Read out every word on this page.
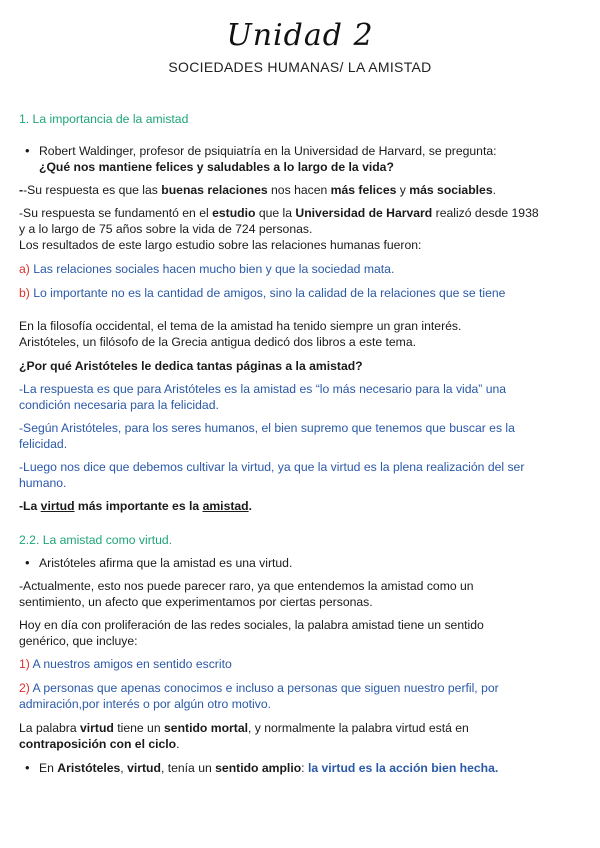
Unidad 2
SOCIEDADES HUMANAS/ LA AMISTAD
1. La importancia de la amistad
• Robert Waldinger, profesor de psiquiatría en la Universidad de Harvard, se pregunta:
¿Qué nos mantiene felices y saludables a lo largo de la vida?
--Su respuesta es que las buenas relaciones nos hacen más felices y más sociables.
-Su respuesta se fundamentó en el estudio que la Universidad de Harvard realizó desde 1938
y a lo largo de 75 años sobre la vida de 724 personas.
Los resultados de este largo estudio sobre las relaciones humanas fueron:
a) Las relaciones sociales hacen mucho bien y que la sociedad mata.
b) Lo importante no es la cantidad de amigos, sino la calidad de la relaciones que se tiene
En la filosofía occidental, el tema de la amistad ha tenido siempre un gran interés.
Aristóteles, un filósofo de la Grecia antigua dedicó dos libros a este tema.
¿Por qué Aristóteles le dedica tantas páginas a la amistad?
-La respuesta es que para Aristóteles es la amistad es “lo más necesario para la vida” una
condición necesaria para la felicidad.
-Según Aristóteles, para los seres humanos, el bien supremo que tenemos que buscar es la
felicidad.
-Luego nos dice que debemos cultivar la virtud, ya que la virtud es la plena realización del ser
humano.
-La virtud más importante es la amistad.
2.2. La amistad como virtud.
• Aristóteles afirma que la amistad es una virtud.
-Actualmente, esto nos puede parecer raro, ya que entendemos la amistad como un
sentimiento, un afecto que experimentamos por ciertas personas.
Hoy en día con proliferación de las redes sociales, la palabra amistad tiene un sentido
genérico, que incluye:
1) A nuestros amigos en sentido escrito
2) A personas que apenas conocimos e incluso a personas que siguen nuestro perfil, por
admiración,por interés o por algún otro motivo.
La palabra virtud tiene un sentido mortal, y normalmente la palabra virtud está en
contraposición con el ciclo.
• En Aristóteles, virtud, tenía un sentido amplio: la virtud es la acción bien hecha.
